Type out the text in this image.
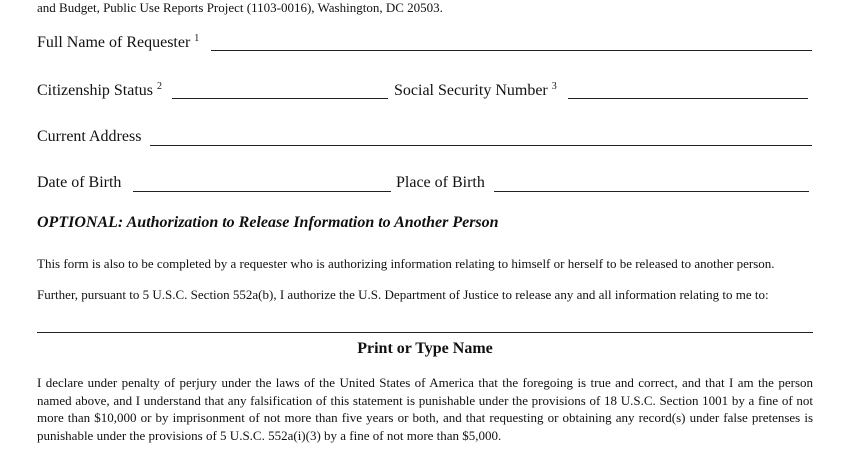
and Budget, Public Use Reports Project (1103-0016), Washington, DC 20503.
Full Name of Requester $^1$
Citizenship Status $^2$	Social Security Number $^3$
Current Address
Date of Birth	Place of Birth
OPTIONAL: Authorization to Release Information to Another Person
This form is also to be completed by a requester who is authorizing information relating to himself or herself to be released to another person.
Further, pursuant to 5 U.S.C. Section 552a(b), I authorize the U.S. Department of Justice to release any and all information relating to me to:
Print or Type Name
I declare under penalty of perjury under the laws of the United States of America that the foregoing is true and correct, and that I am the person named above, and I understand that any falsification of this statement is punishable under the provisions of 18 U.S.C. Section 1001 by a fine of not more than $10,000 or by imprisonment of not more than five years or both, and that requesting or obtaining any record(s) under false pretenses is punishable under the provisions of 5 U.S.C. 552a(i)(3) by a fine of not more than $5,000.
